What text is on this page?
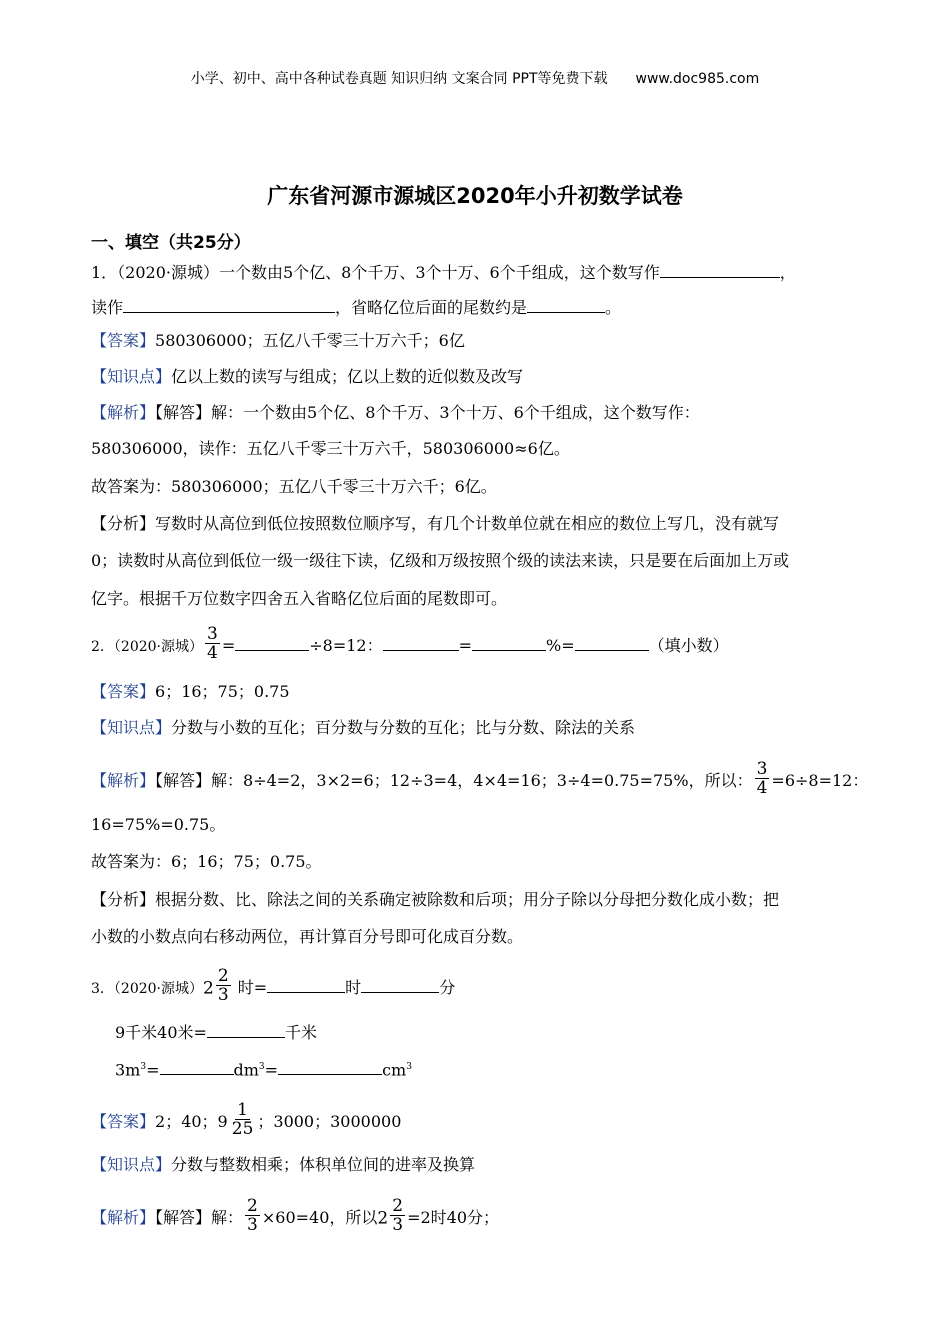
小学、初中、高中各种试卷真题 知识归纳 文案合同 PPT等免费下载 www.doc985.com
广东省河源市源城区2020年小升初数学试卷
一、填空（共25分）
1．（2020·源城）一个数由5个亿、8个千万、3个十万、6个千组成，这个数写作	，
读作	，省略亿位后面的尾数约是	。
【答案】580306000；五亿八千零三十万六千；6亿
【知识点】亿以上数的读写与组成；亿以上数的近似数及改写
【解析】【解答】解：一个数由5个亿、8个千万、3个十万、6个千组成，这个数写作：
580306000，读作：五亿八千零三十万六千，580306000≈6亿。
故答案为：580306000；五亿八千零三十万六千；6亿。
【分析】写数时从高位到低位按照数位顺序写，有几个计数单位就在相应的数位上写几，没有就写
0；读数时从高位到低位一级一级往下读，亿级和万级按照个级的读法来读，只是要在后面加上万或
亿字。根据千万位数字四舍五入省略亿位后面的尾数即可。
2．（2020·源城） $\frac{3}{4}$ =	÷8=12：	=	%=	（填小数）
【答案】6；16；75；0.75
【知识点】分数与小数的互化；百分数与分数的互化；比与分数、除法的关系
【解析】【解答】解：8÷4=2，3×2=6；12÷3=4，4×4=16；3÷4=0.75=75%，所以： $\frac{3}{4} =6\div 8=12$：
16=75%=0.75。
故答案为：6；16；75；0.75。
【分析】根据分数、比、除法之间的关系确定被除数和后项；用分子除以分母把分数化成小数；把
小数的小数点向右移动两位，再计算百分号即可化成百分数。
3．（2020·源城）$2 \frac{2}{3}$ 时=	时	分
9千米40米=	千米
$3m^3=$	$dm^3=$	$cm^3$
【答案】2；40；$9 \frac{1}{25}$ ；3000；3000000
【知识点】分数与整数相乘；体积单位间的进率及换算
【解析】【解答】解： $\frac{2}{3} \times 60=40$，所以$2 \frac{2}{3} =2$时40分；
